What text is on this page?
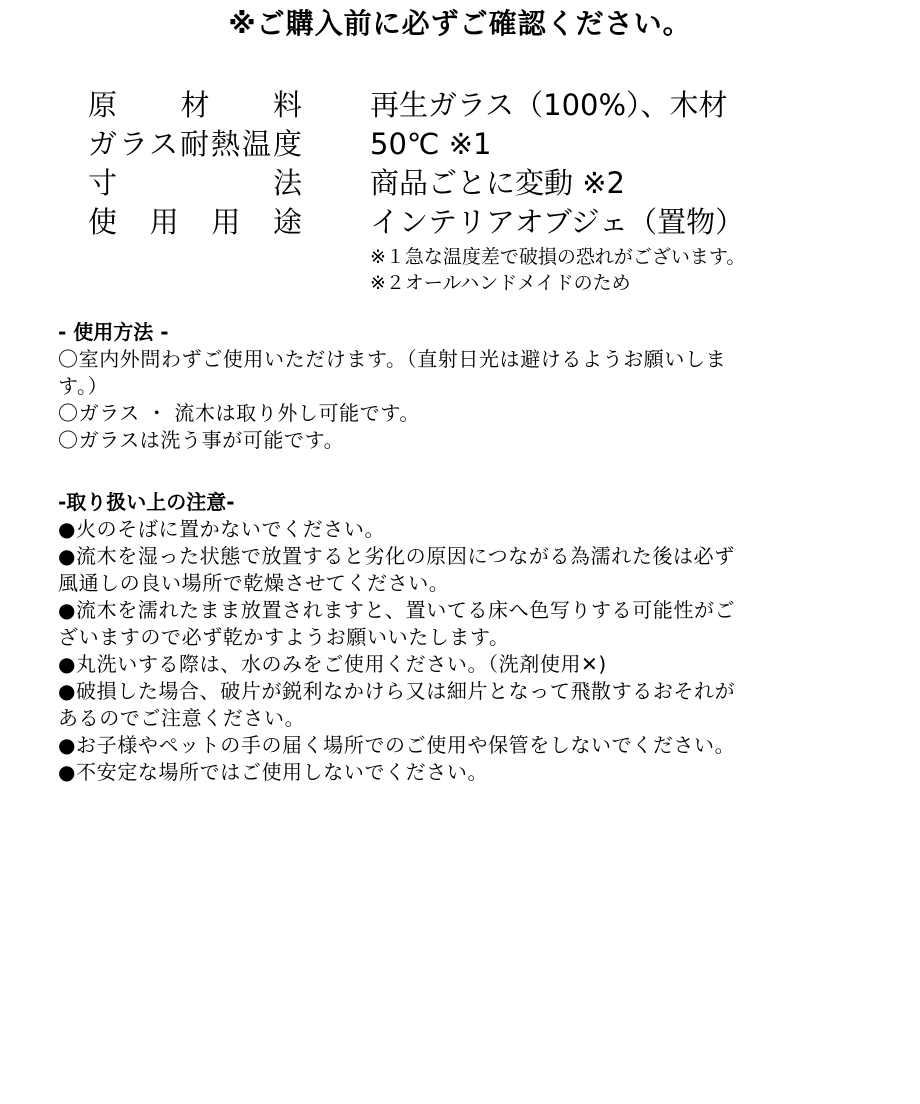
※ご購入前に必ずご確認ください。
原材料 再生ガラス（100%）、木材
ガラス耐熱温度 50℃ ※1
寸法 商品ごとに変動 ※2
使用用途 インテリアオブジェ（置物）
※１急な温度差で破損の恐れがございます。
※２オールハンドメイドのため
- 使用方法 -
〇室内外問わずご使用いただけます。（直射日光は避けるようお願いしま
す。）
〇ガラス ・ 流木は取り外し可能です。
〇ガラスは洗う事が可能です。
-取り扱い上の注意-
●火のそばに置かないでください。
●流木を湿った状態で放置すると劣化の原因につながる為濡れた後は必ず
風通しの良い場所で乾燥させてください。
●流木を濡れたまま放置されますと、置いてる床へ色写りする可能性がご
ざいますので必ず乾かすようお願いいたします。
●丸洗いする際は、水のみをご使用ください。（洗剤使用✕)
●破損した場合、破片が鋭利なかけら又は細片となって飛散するおそれが
あるのでご注意ください。
●お子様やペットの手の届く場所でのご使用や保管をしないでください。
●不安定な場所ではご使用しないでください。
